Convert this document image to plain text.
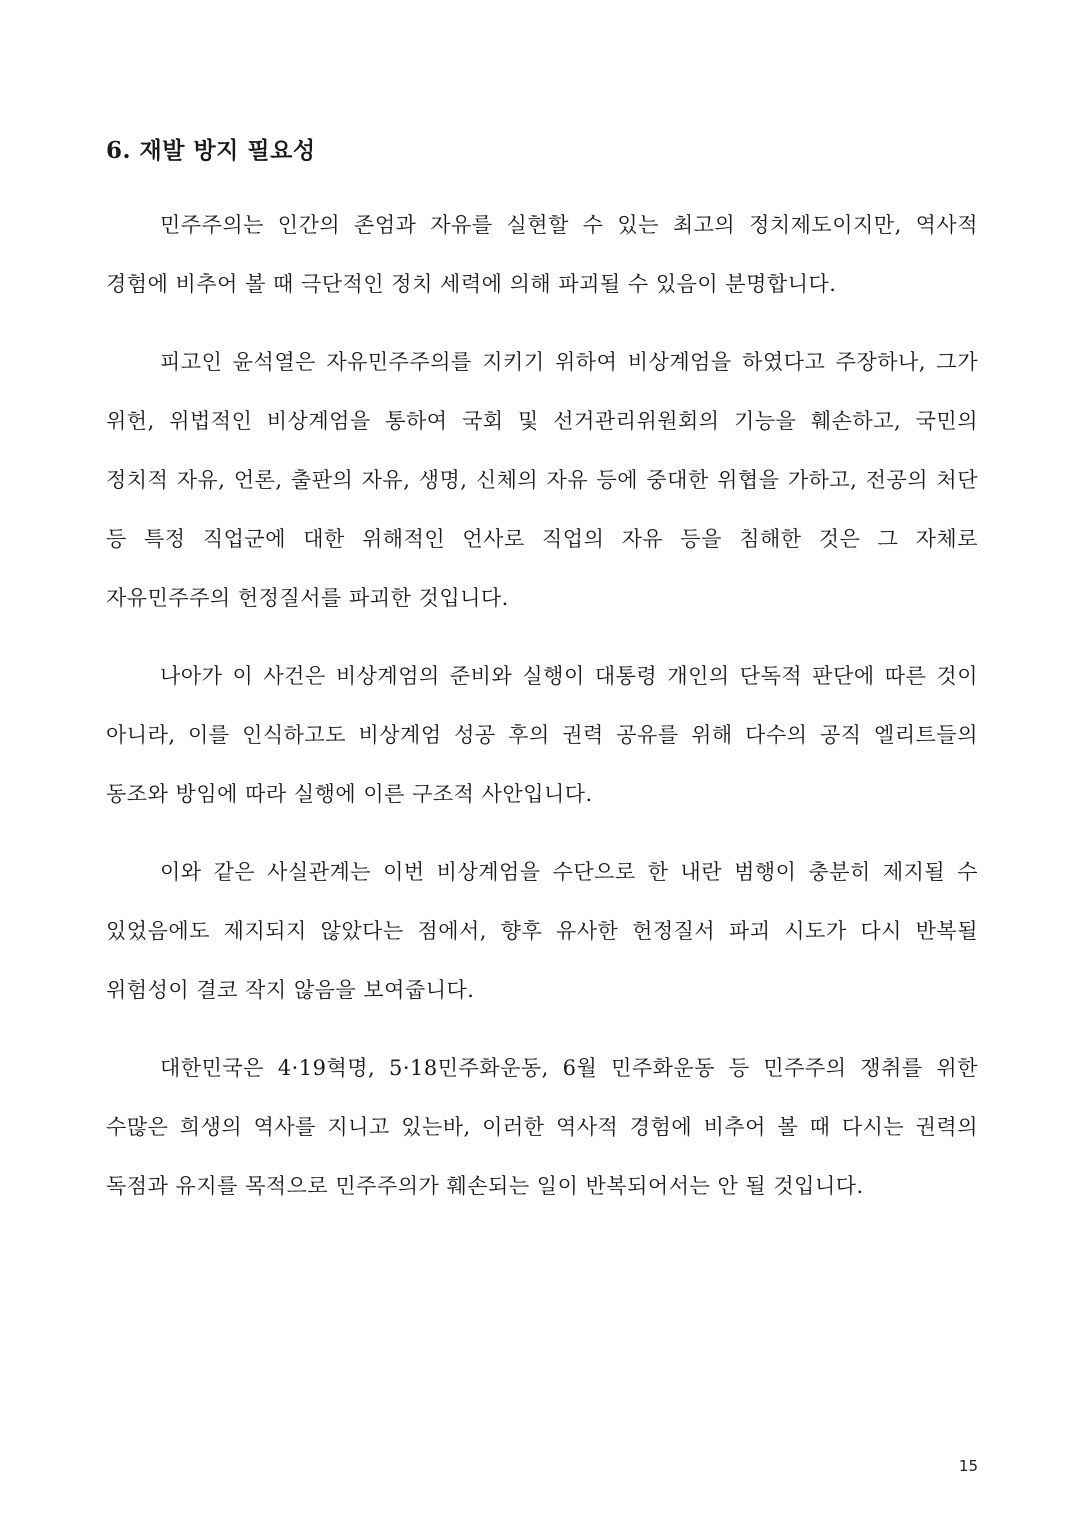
6. 재발 방지 필요성

민주주의는 인간의 존엄과 자유를 실현할 수 있는 최고의 정치제도이지만, 역사적 경험에 비추어 볼 때 극단적인 정치 세력에 의해 파괴될 수 있음이 분명합니다.

피고인 윤석열은 자유민주주의를 지키기 위하여 비상계엄을 하였다고 주장하나, 그가 위헌, 위법적인 비상계엄을 통하여 국회 및 선거관리위원회의 기능을 훼손하고, 국민의 정치적 자유, 언론, 출판의 자유, 생명, 신체의 자유 등에 중대한 위협을 가하고, 전공의 처단 등 특정 직업군에 대한 위해적인 언사로 직업의 자유 등을 침해한 것은 그 자체로 자유민주주의 헌정질서를 파괴한 것입니다.

나아가 이 사건은 비상계엄의 준비와 실행이 대통령 개인의 단독적 판단에 따른 것이 아니라, 이를 인식하고도 비상계엄 성공 후의 권력 공유를 위해 다수의 공직 엘리트들의 동조와 방임에 따라 실행에 이른 구조적 사안입니다.

이와 같은 사실관계는 이번 비상계엄을 수단으로 한 내란 범행이 충분히 제지될 수 있었음에도 제지되지 않았다는 점에서, 향후 유사한 헌정질서 파괴 시도가 다시 반복될 위험성이 결코 작지 않음을 보여줍니다.

대한민국은 4·19혁명, 5·18민주화운동, 6월 민주화운동 등 민주주의 쟁취를 위한 수많은 희생의 역사를 지니고 있는바, 이러한 역사적 경험에 비추어 볼 때 다시는 권력의 독점과 유지를 목적으로 민주주의가 훼손되는 일이 반복되어서는 안 될 것입니다.

15
